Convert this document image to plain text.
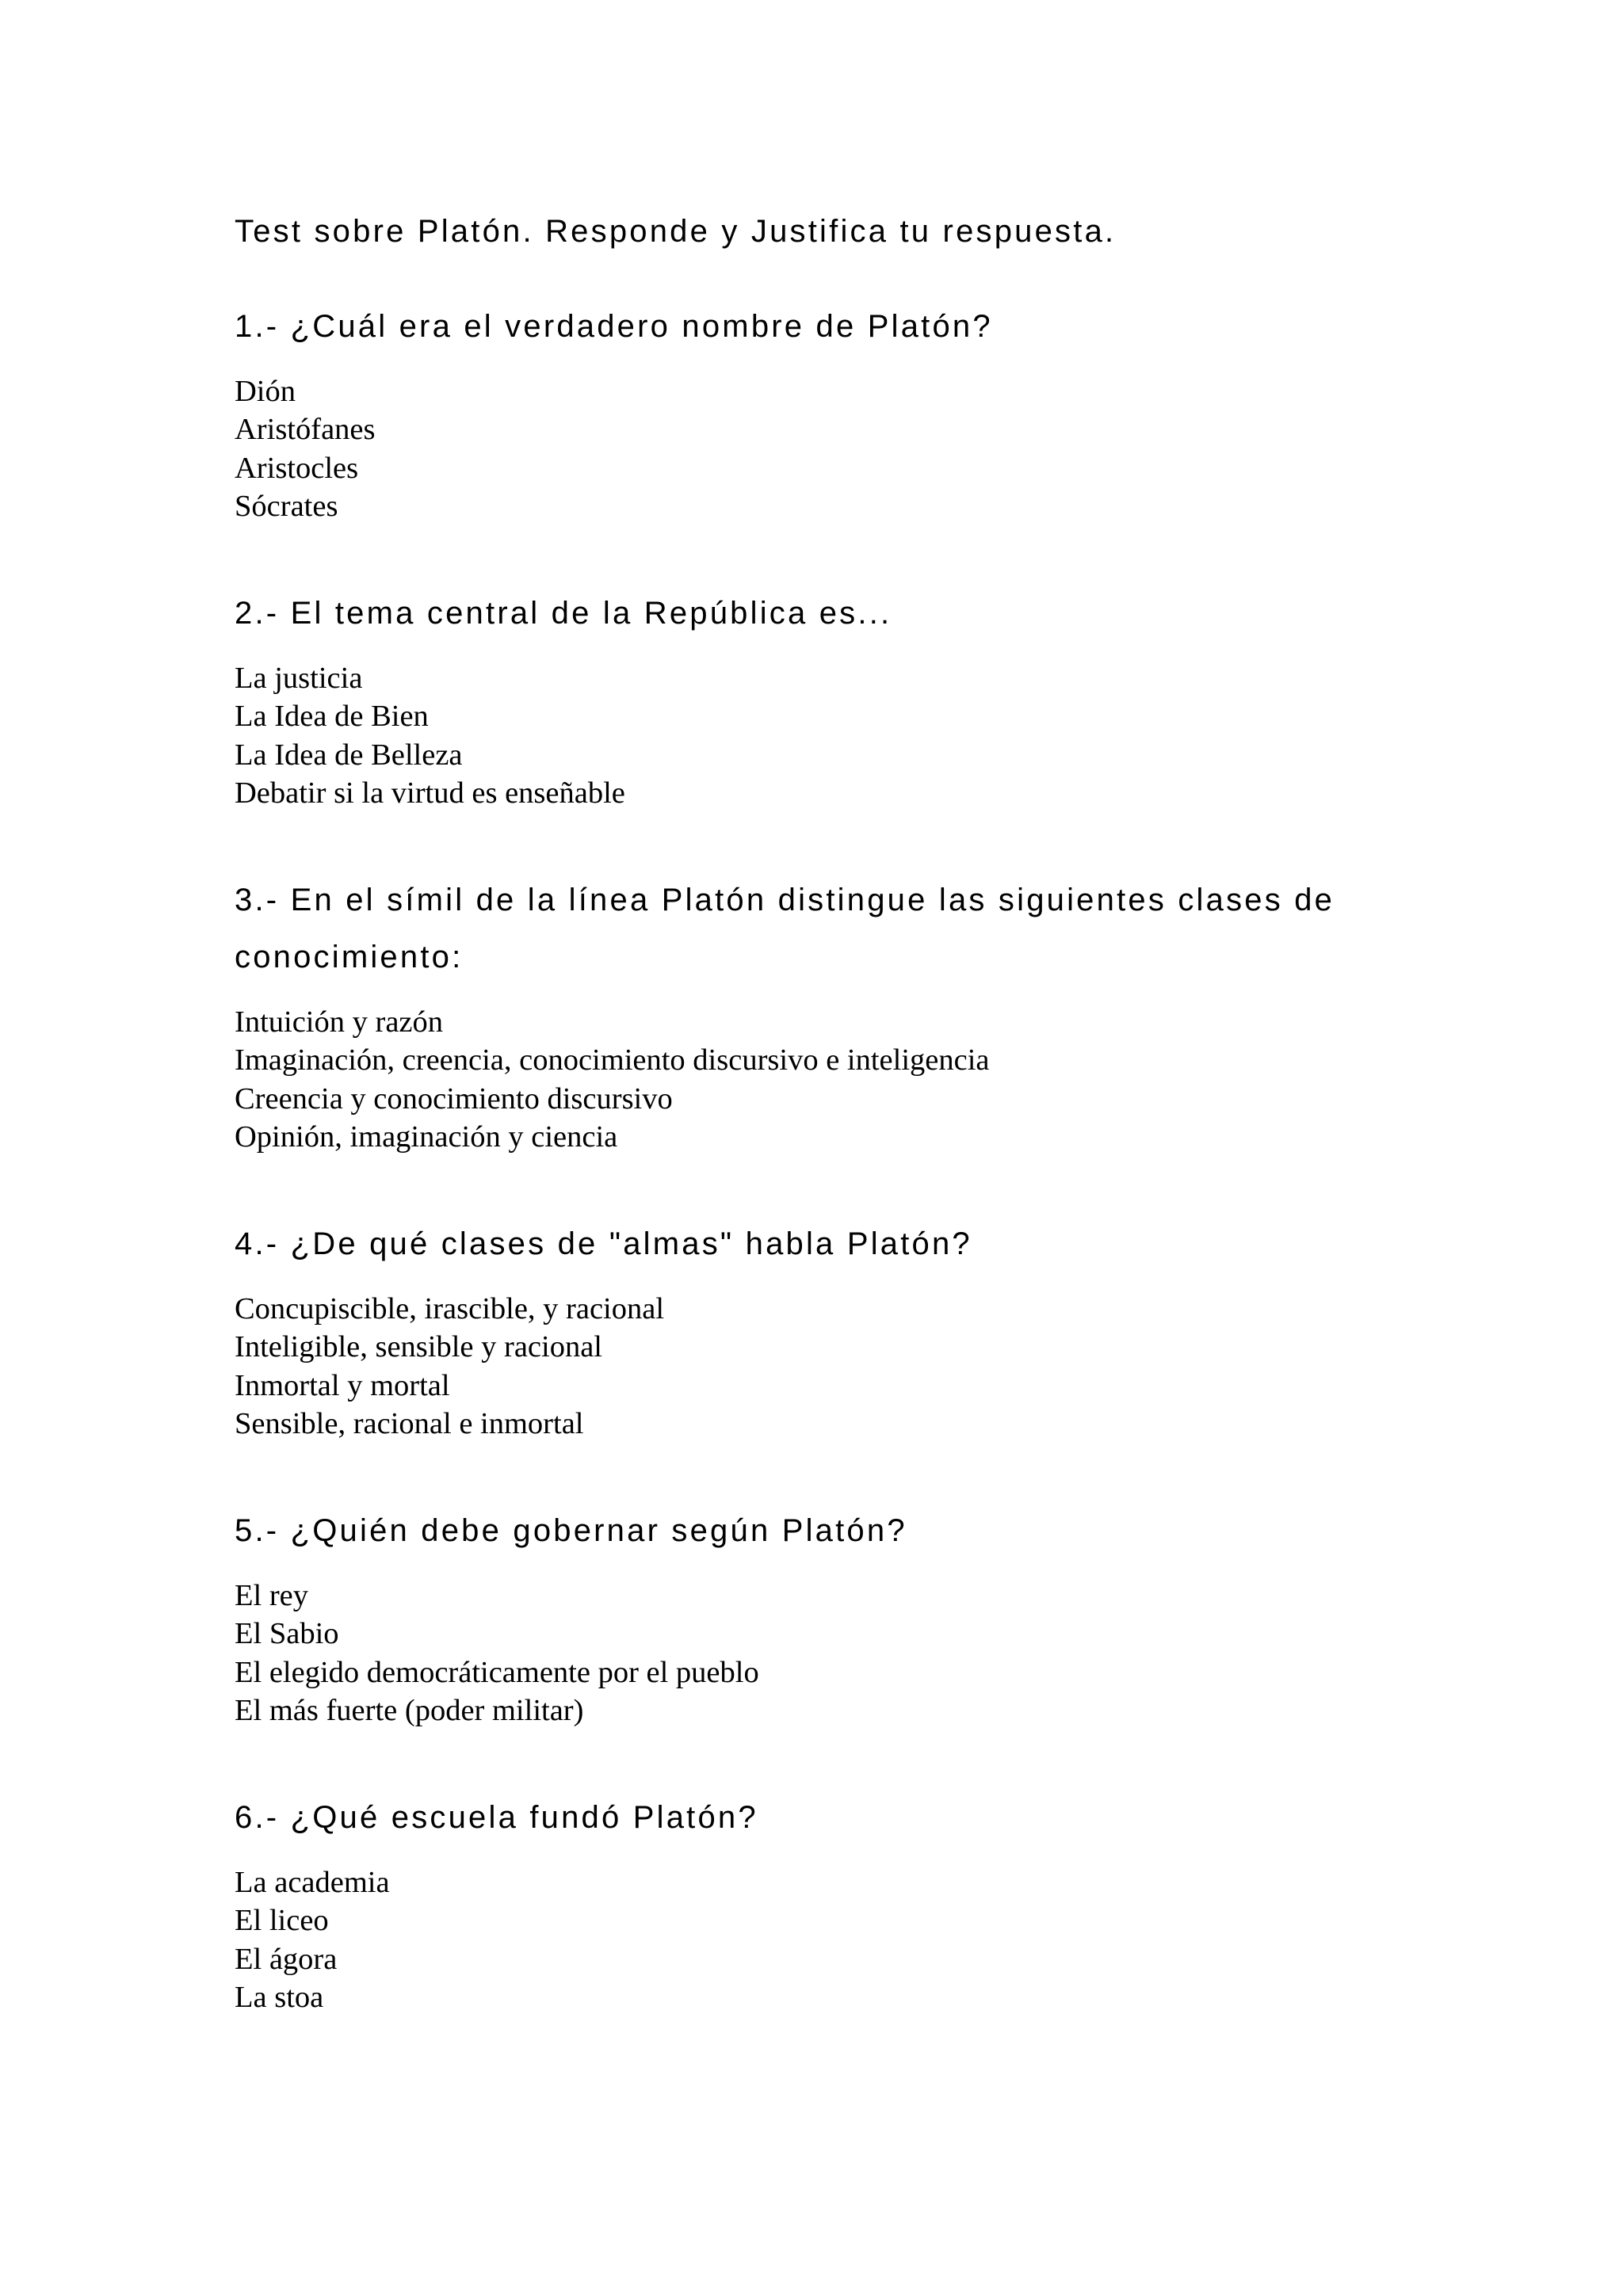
Test sobre Platón. Responde y Justifica tu respuesta.

1.- ¿Cuál era el verdadero nombre de Platón?

Dión
Aristófanes
Aristocles
Sócrates

2.- El tema central de la República es...

La justicia
La Idea de Bien
La Idea de Belleza
Debatir si la virtud es enseñable

3.- En el símil de la línea Platón distingue las siguientes clases de conocimiento:

Intuición y razón
Imaginación, creencia, conocimiento discursivo e inteligencia
Creencia y conocimiento discursivo
Opinión, imaginación y ciencia

4.- ¿De qué clases de "almas" habla Platón?

Concupiscible, irascible, y racional
Inteligible, sensible y racional
Inmortal y mortal
Sensible, racional e inmortal

5.- ¿Quién debe gobernar según Platón?

El rey
El Sabio
El elegido democráticamente por el pueblo
El más fuerte (poder militar)

6.- ¿Qué escuela fundó Platón?

La academia
El liceo
El ágora
La stoa
